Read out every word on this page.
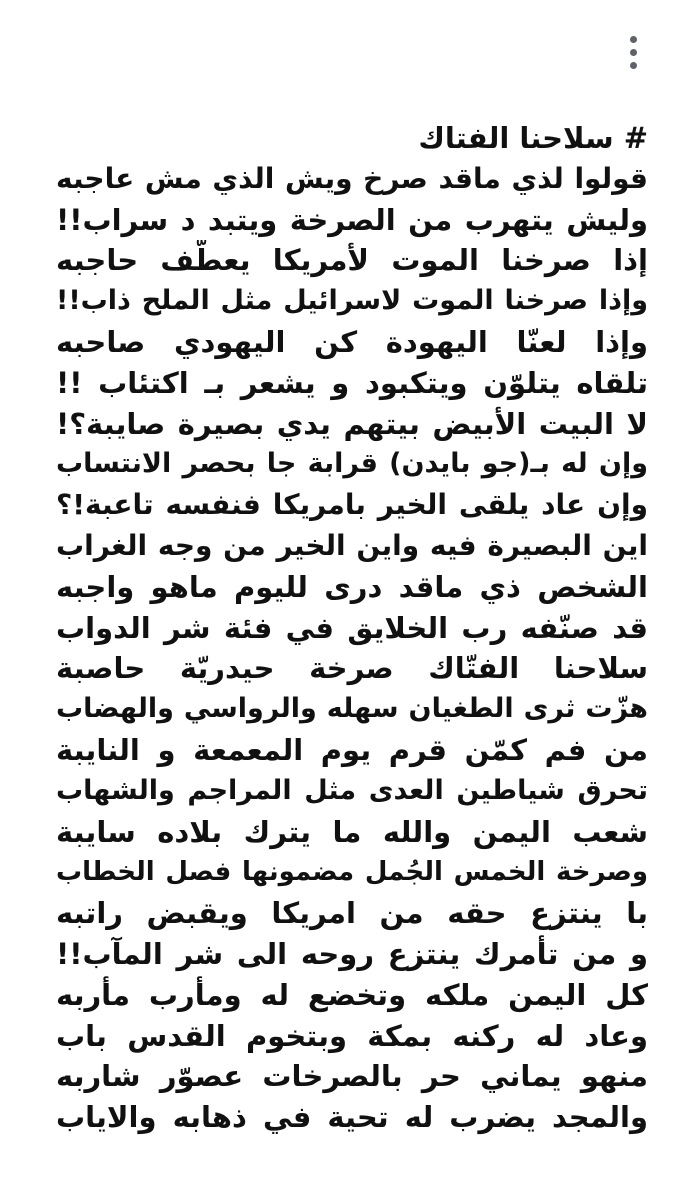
# سلاحنا الفتاك
قولوا لذي ماقد صرخ ويش الذي مش عاجبه
وليش يتهرب من الصرخة ويتبد د سراب!!
إذا صرخنا الموت لأمريكا يعطّف حاجبه
وإذا صرخنا الموت لاسرائيل مثل الملح ذاب!!
وإذا لعنّا اليهودة كن اليهودي صاحبه
تلقاه يتلوّن ويتكبود و يشعر بـ اكتئاب !!
لا البيت الأبيض بيتهم يدي بصيرة صايبة؟!
وإن له بـ(جو بايدن) قرابة جا بحصر الانتساب
وإن عاد يلقى الخير بامريكا فنفسه تاعبة!؟
اين البصيرة فيه واين الخير من وجه الغراب
الشخص ذي ماقد درى لليوم ماهو واجبه
قد صنّفه رب الخلايق في فئة شر الدواب
سلاحنا الفتّاك صرخة حيدريّة حاصبة
هزّت ثرى الطغيان سهله والرواسي والهضاب
من فم كمّن قرم يوم المعمعة و النايبة
تحرق شياطين العدى مثل المراجم والشهاب
شعب اليمن والله ما يترك بلاده سايبة
وصرخة الخمس الجُمل مضمونها فصل الخطاب
با ينتزع حقه من امريكا ويقبض راتبه
و من تأمرك ينتزع روحه الى شر المآب!!
كل اليمن ملكه وتخضع له ومأرب مأربه
وعاد له ركنه بمكة وبتخوم القدس باب
منهو يماني حر بالصرخات عصوّر شاربه
والمجد يضرب له تحية في ذهابه والاياب
